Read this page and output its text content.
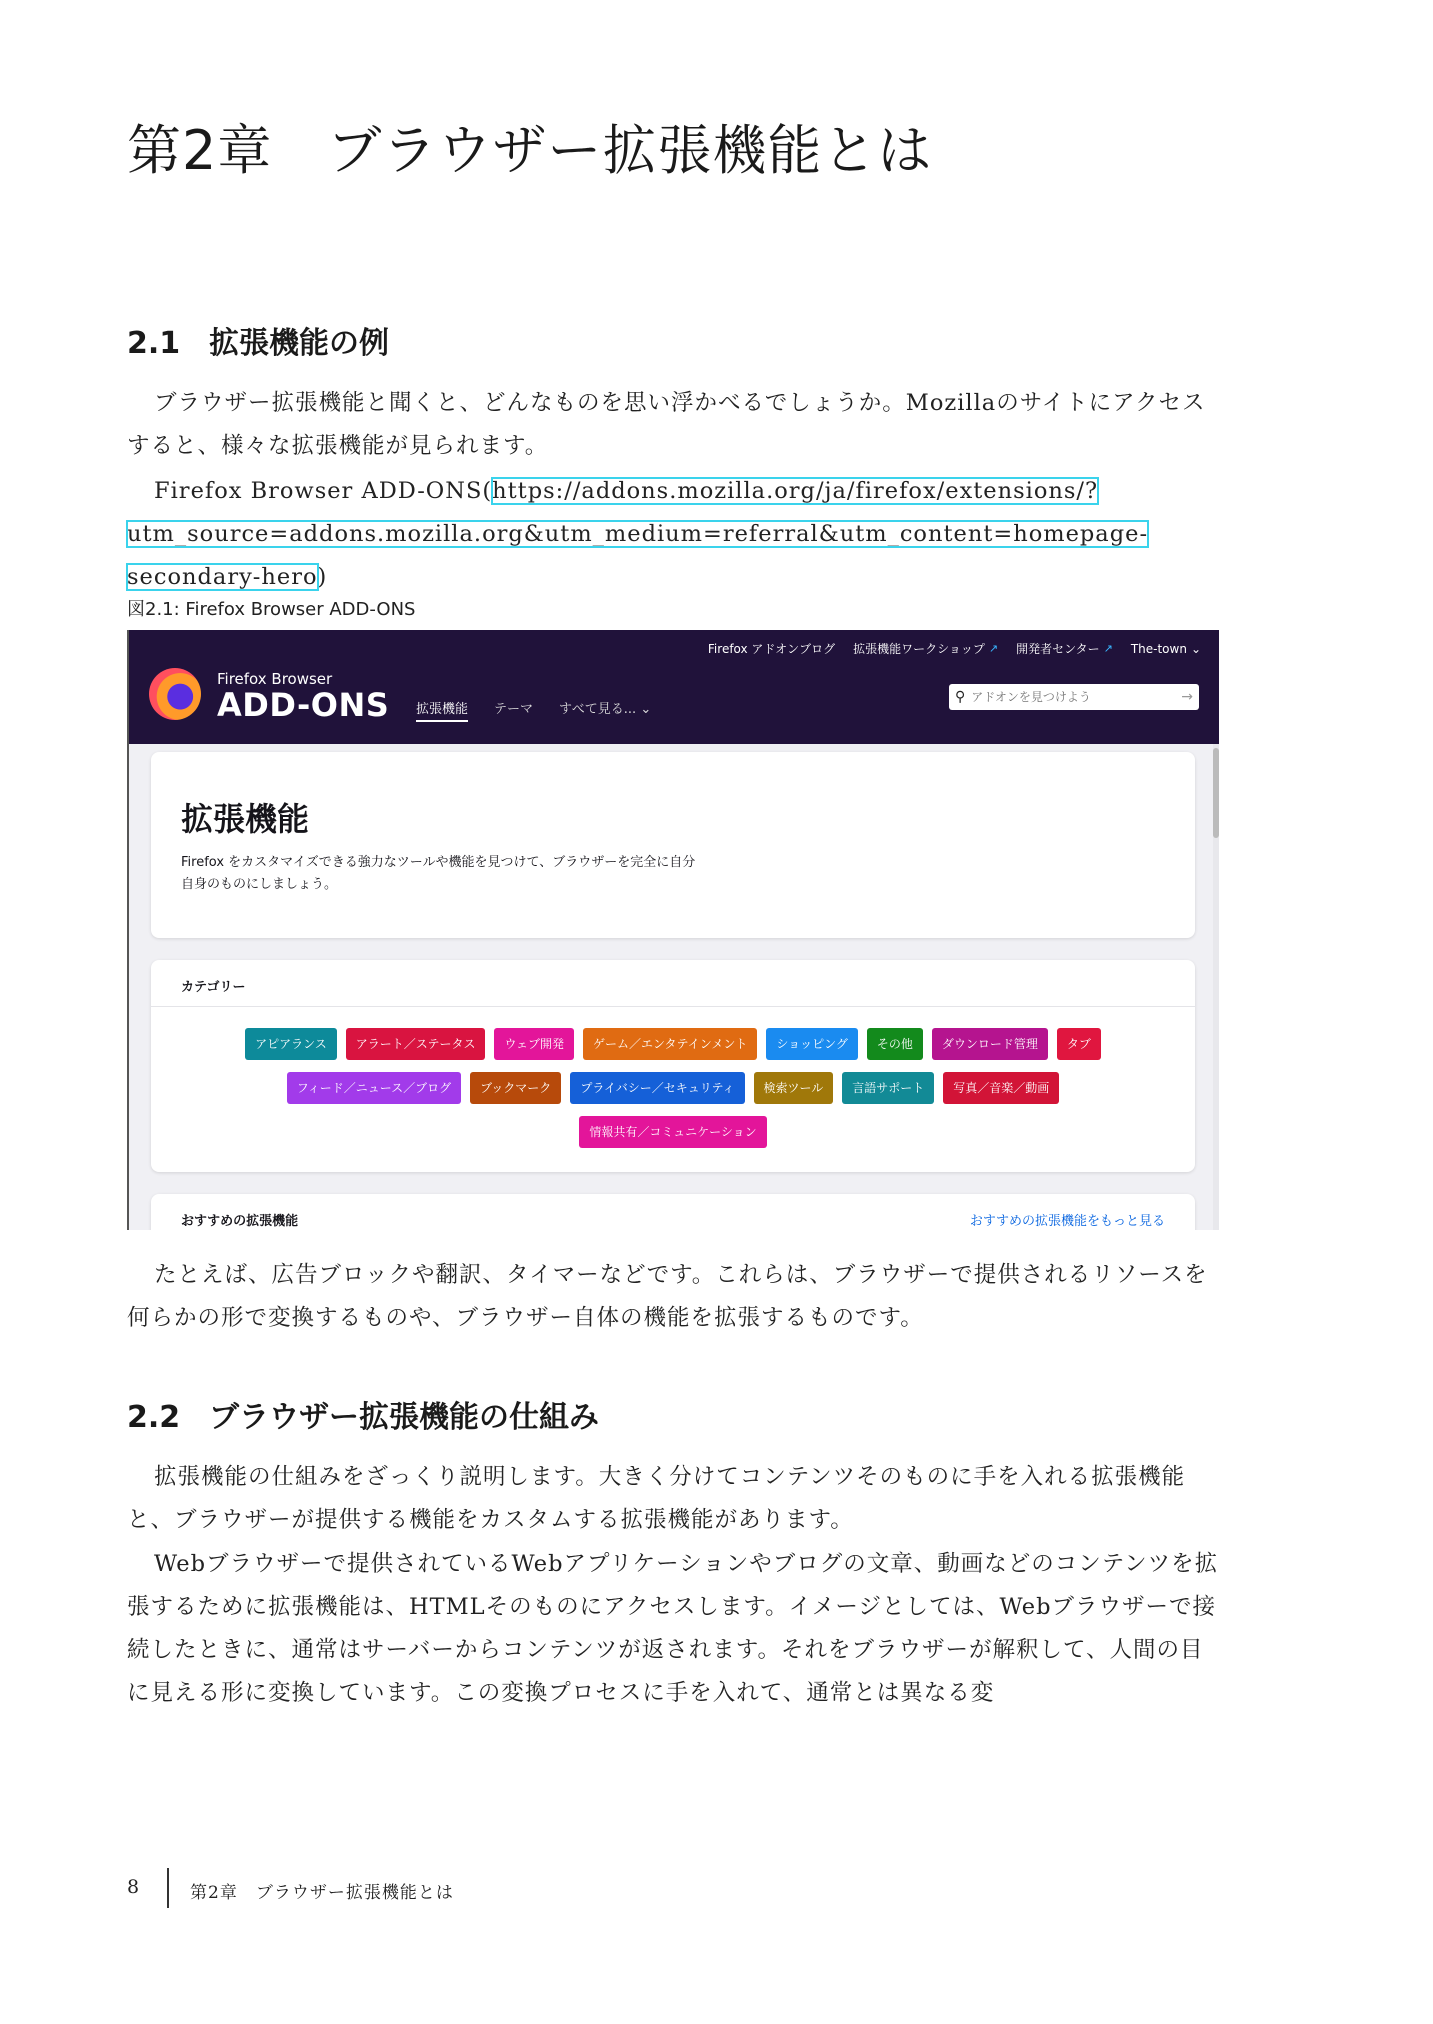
第2章　ブラウザー拡張機能とは
2.1 拡張機能の例

ブラウザー拡張機能と聞くと、どんなものを思い浮かべるでしょうか。Mozillaのサイトにアクセスすると、様々な拡張機能が見られます。

Firefox Browser ADD-ONS(https://addons.mozilla.org/ja/firefox/extensions/?utm_source=addons.mozilla.org&utm_medium=referral&utm_content=homepage-secondary-hero)

図2.1: Firefox Browser ADD-ONS

Firefox アドオンブログ 拡張機能ワークショップ ↗ 開発者センター ↗ The-town ⌄
Firefox Browser
ADD-ONS 拡張機能 テーマ すべて見る... ⌄
⚲
アドオンを見つけよう	→
拡張機能

Firefox をカスタマイズできる強力なツールや機能を見つけて、ブラウザーを完全に自分自身のものにしましょう。

カテゴリー

アピアランス	アラート／ステータス	ウェブ開発	ゲーム／エンタテインメント	ショッピング	その他	ダウンロード管理	タブ
フィード／ニュース／ブログ	ブックマーク	プライバシー／セキュリティ	検索ツール	言語サポート	写真／音楽／動画
情報共有／コミュニケーション

おすすめの拡張機能	おすすめの拡張機能をもっと見る

たとえば、広告ブロックや翻訳、タイマーなどです。これらは、ブラウザーで提供されるリソースを何らかの形で変換するものや、ブラウザー自体の機能を拡張するものです。

2.2 ブラウザー拡張機能の仕組み

拡張機能の仕組みをざっくり説明します。大きく分けてコンテンツそのものに手を入れる拡張機能と、ブラウザーが提供する機能をカスタムする拡張機能があります。

Webブラウザーで提供されているWebアプリケーションやブログの文章、動画などのコンテンツを拡張するために拡張機能は、HTMLそのものにアクセスします。イメージとしては、Webブラウザーで接続したときに、通常はサーバーからコンテンツが返されます。それをブラウザーが解釈して、人間の目に見える形に変換しています。この変換プロセスに手を入れて、通常とは異なる変

8	第2章　ブラウザー拡張機能とは
